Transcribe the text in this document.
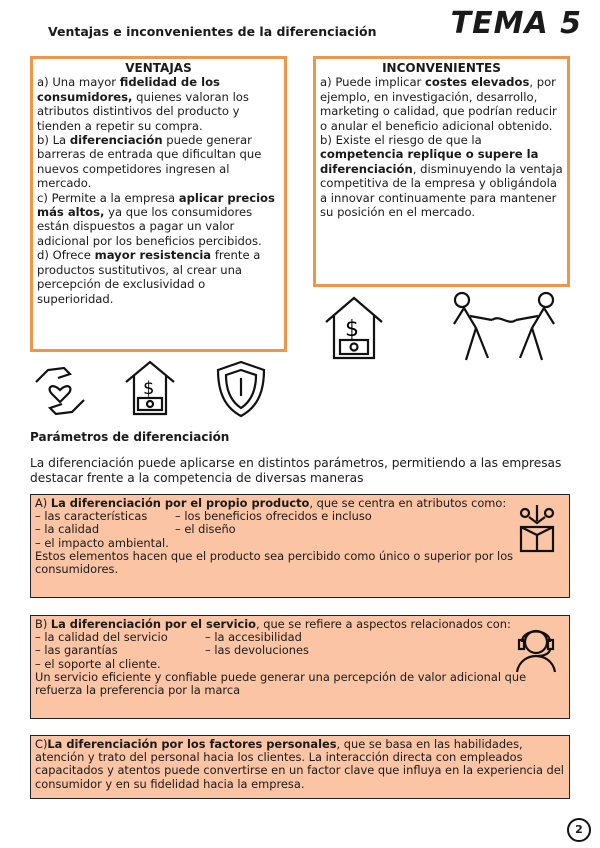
Ventajas e inconvenientes de la diferenciación TEMA 5
VENTAJAS

a) Una mayor fidelidad de los consumidores, quienes valoran los atributos distintivos del producto y tienden a repetir su compra.

b) La diferenciación puede generar barreras de entrada que dificultan que nuevos competidores ingresen al mercado.

c) Permite a la empresa aplicar precios más altos, ya que los consumidores están dispuestos a pagar un valor adicional por los beneficios percibidos.

d) Ofrece mayor resistencia frente a productos sustitutivos, al crear una percepción de exclusividad o superioridad.

INCONVENIENTES

a) Puede implicar costes elevados, por ejemplo, en investigación, desarrollo, marketing o calidad, que podrían reducir o anular el beneficio adicional obtenido.

b) Existe el riesgo de que la competencia replique o supere la diferenciación, disminuyendo la ventaja competitiva de la empresa y obligándola a innovar continuamente para mantener su posición en el mercado.

$
$
Parámetros de diferenciación
La diferenciación puede aplicarse en distintos parámetros, permitiendo a las empresas destacar frente a la competencia de diversas maneras
A) La diferenciación por el propio producto, que se centra en atributos como:
– las características	– los beneficios ofrecidos e incluso
– la calidad	– el diseño
– el impacto ambiental.
Estos elementos hacen que el producto sea percibido como único o superior por los consumidores.
B) La diferenciación por el servicio, que se refiere a aspectos relacionados con:
– la calidad del servicio	– la accesibilidad
– las garantías	– las devoluciones
– el soporte al cliente.
Un servicio eficiente y confiable puede generar una percepción de valor adicional que refuerza la preferencia por la marca
C)La diferenciación por los factores personales, que se basa en las habilidades, atención y trato del personal hacia los clientes. La interacción directa con empleados capacitados y atentos puede convertirse en un factor clave que influya en la experiencia del consumidor y en su fidelidad hacia la empresa.
2
